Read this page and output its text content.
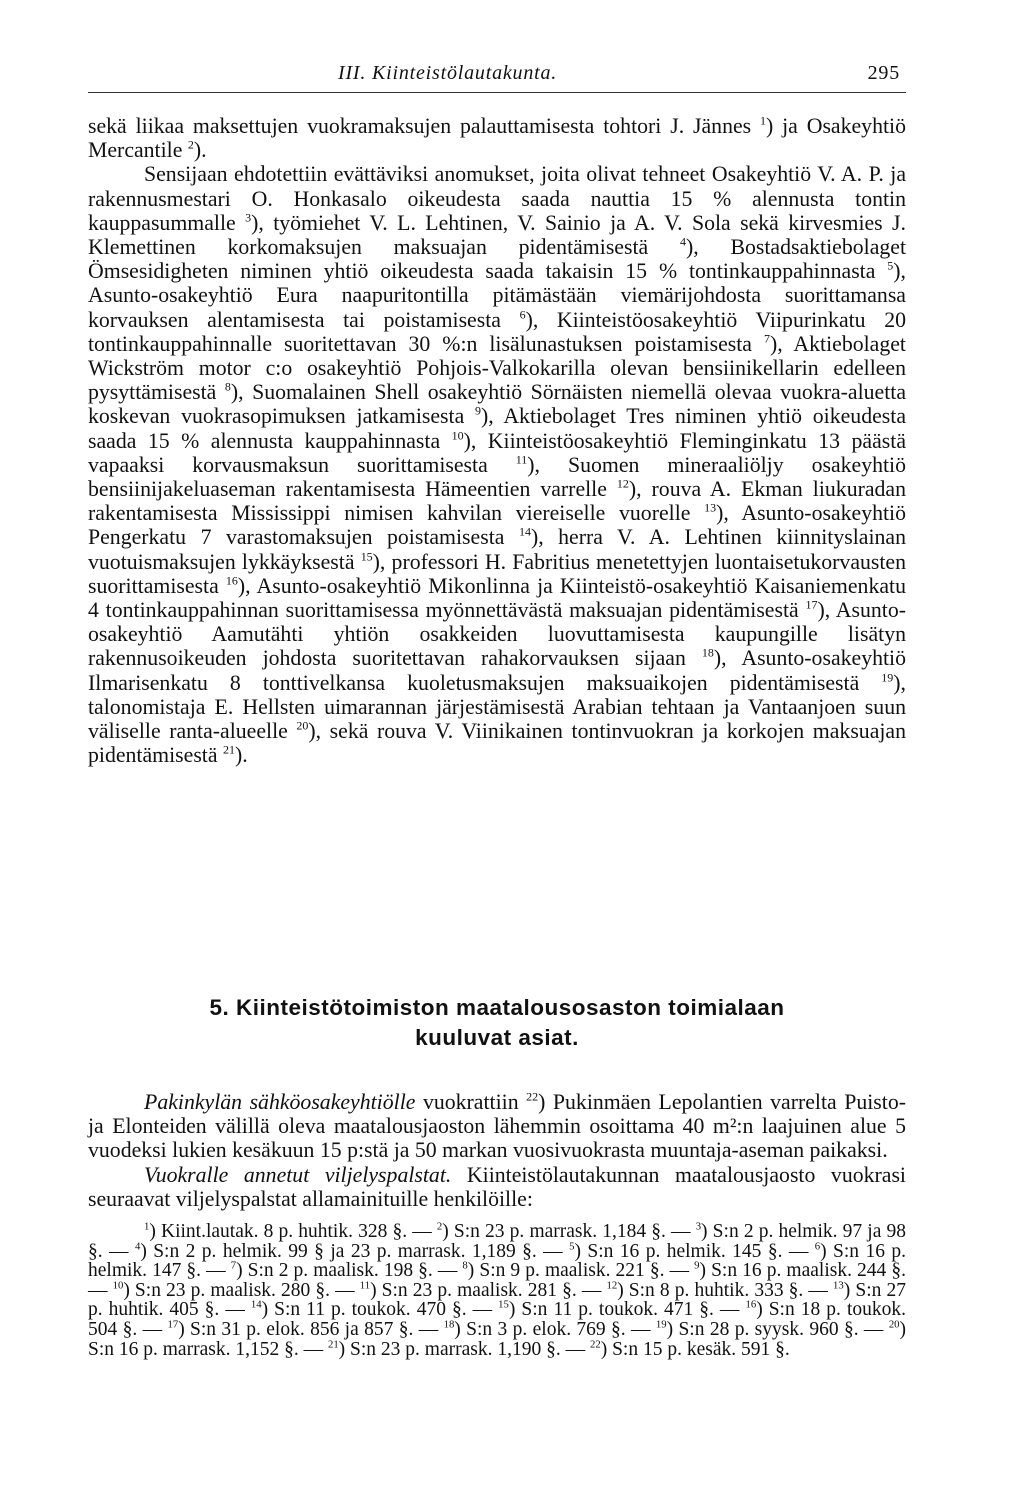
III. Kiinteistölautakunta.	295

sekä liikaa maksettujen vuokramaksujen palauttamisesta tohtori J. Jännes $^1$) ja Osakeyhtiö Mercantile $^2$).

Sensijaan ehdotettiin evättäviksi anomukset, joita olivat tehneet Osakeyhtiö V. A. P. ja rakennusmestari O. Honkasalo oikeudesta saada nauttia 15 % alennusta tontin kauppasummalle $^3$), työmiehet V. L. Lehtinen, V. Sainio ja A. V. Sola sekä kirvesmies J. Klemettinen korkomaksujen maksuajan pidentämisestä $^4$), Bostadsaktiebolaget Ömsesidigheten niminen yhtiö oikeudesta saada takaisin 15 % tontinkauppahinnasta $^5$), Asunto-osakeyhtiö Eura naapuritontilla pitämästään viemärijohdosta suorittamansa korvauksen alentamisesta tai poistamisesta $^6$), Kiinteistöosakeyhtiö Viipurinkatu 20 tontinkauppahinnalle suoritettavan 30 %:n lisälunastuksen poistamisesta $^7$), Aktiebolaget Wickström motor c:o osakeyhtiö Pohjois-Valkokarilla olevan bensiinikellarin edelleen pysyttämisestä $^8$), Suomalainen Shell osakeyhtiö Sörnäisten niemellä olevaa vuokra-aluetta koskevan vuokrasopimuksen jatkamisesta $^9$), Aktiebolaget Tres niminen yhtiö oikeudesta saada 15 % alennusta kauppahinnasta $^{10}$), Kiinteistöosakeyhtiö Fleminginkatu 13 päästä vapaaksi korvausmaksun suorittamisesta $^{11}$), Suomen mineraaliöljy osakeyhtiö bensiinijakeluaseman rakentamisesta Hämeentien varrelle $^{12}$), rouva A. Ekman liukuradan rakentamisesta Mississippi nimisen kahvilan viereiselle vuorelle $^{13}$), Asunto-osakeyhtiö Pengerkatu 7 varastomaksujen poistamisesta $^{14}$), herra V. A. Lehtinen kiinnityslainan vuotuismaksujen lykkäyksestä $^{15}$), professori H. Fabritius menetettyjen luontaisetukorvausten suorittamisesta $^{16}$), Asunto-osakeyhtiö Mikonlinna ja Kiinteistö-osakeyhtiö Kaisaniemenkatu 4 tontinkauppahinnan suorittamisessa myönnettävästä maksuajan pidentämisestä $^{17}$), Asunto-osakeyhtiö Aamutähti yhtiön osakkeiden luovuttamisesta kaupungille lisätyn rakennusoikeuden johdosta suoritettavan rahakorvauksen sijaan $^{18}$), Asunto-osakeyhtiö Ilmarisenkatu 8 tonttivelkansa kuoletusmaksujen maksuaikojen pidentämisestä $^{19}$), talonomistaja E. Hellsten uimarannan järjestämisestä Arabian tehtaan ja Vantaanjoen suun väliselle ranta-alueelle $^{20}$), sekä rouva V. Viinikainen tontinvuokran ja korkojen maksuajan pidentämisestä $^{21}$).

5. Kiinteistötoimiston maatalousosaston toimialaan
kuuluvat asiat.

Pakinkylän sähköosakeyhtiölle vuokrattiin $^{22}$) Pukinmäen Lepolantien varrelta Puisto- ja Elonteiden välillä oleva maatalousjaoston lähemmin osoittama 40 m²:n laajuinen alue 5 vuodeksi lukien kesäkuun 15 p:stä ja 50 markan vuosivuokrasta muuntaja-aseman paikaksi.

Vuokralle annetut viljelyspalstat. Kiinteistölautakunnan maatalousjaosto vuokrasi seuraavat viljelyspalstat allamainituille henkilöille:

$^1$) Kiint.lautak. 8 p. huhtik. 328 §. — $^2$) S:n 23 p. marrask. 1,184 §. — $^3$) S:n 2 p. helmik. 97 ja 98 §. — $^4$) S:n 2 p. helmik. 99 § ja 23 p. marrask. 1,189 §. — $^5$) S:n 16 p. helmik. 145 §. — $^6$) S:n 16 p. helmik. 147 §. — $^7$) S:n 2 p. maalisk. 198 §. — $^8$) S:n 9 p. maalisk. 221 §. — $^9$) S:n 16 p. maalisk. 244 §. — $^{10}$) S:n 23 p. maalisk. 280 §. — $^{11}$) S:n 23 p. maalisk. 281 §. — $^{12}$) S:n 8 p. huhtik. 333 §. — $^{13}$) S:n 27 p. huhtik. 405 §. — $^{14}$) S:n 11 p. toukok. 470 §. — $^{15}$) S:n 11 p. toukok. 471 §. — $^{16}$) S:n 18 p. toukok. 504 §. — $^{17}$) S:n 31 p. elok. 856 ja 857 §. — $^{18}$) S:n 3 p. elok. 769 §. — $^{19}$) S:n 28 p. syysk. 960 §. — $^{20}$) S:n 16 p. marrask. 1,152 §. — $^{21}$) S:n 23 p. marrask. 1,190 §. — $^{22}$) S:n 15 p. kesäk. 591 §.
